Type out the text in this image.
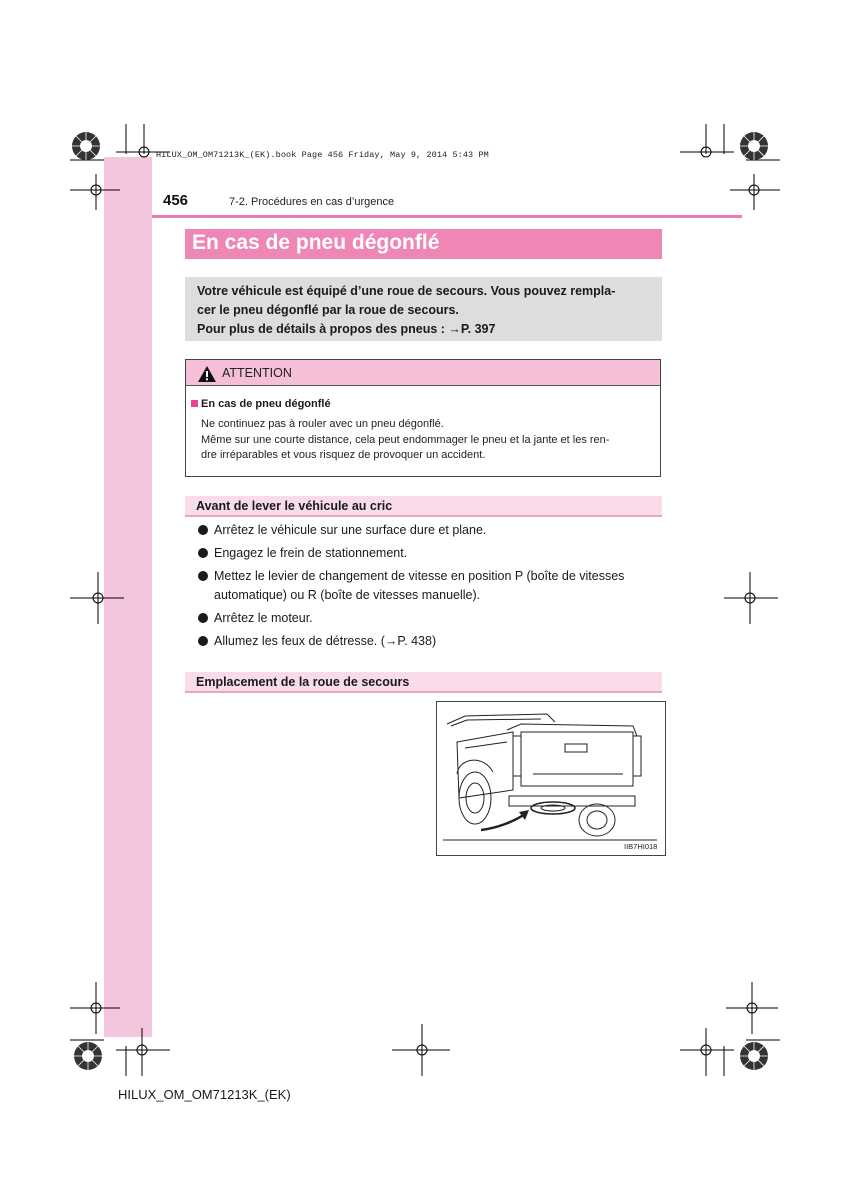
HILUX_OM_OM71213K_(EK).book Page 456 Friday, May 9, 2014 5:43 PM
456	7-2. Procédures en cas d’urgence
En cas de pneu dégonflé
Votre véhicule est équipé d’une roue de secours. Vous pouvez rempla-
cer le pneu dégonflé par la roue de secours.
Pour plus de détails à propos des pneus : →P. 397
ATTENTION
En cas de pneu dégonflé
Ne continuez pas à rouler avec un pneu dégonflé.
Même sur une courte distance, cela peut endommager le pneu et la jante et les ren-
dre irréparables et vous risquez de provoquer un accident.
Avant de lever le véhicule au cric
Arrêtez le véhicule sur une surface dure et plane.
Engagez le frein de stationnement.
Mettez le levier de changement de vitesse en position P (boîte de vitesses automatique) ou R (boîte de vitesses manuelle).
Arrêtez le moteur.
Allumez les feux de détresse. (→P. 438)
Emplacement de la roue de secours
IIB7HI018
HILUX_OM_OM71213K_(EK)
